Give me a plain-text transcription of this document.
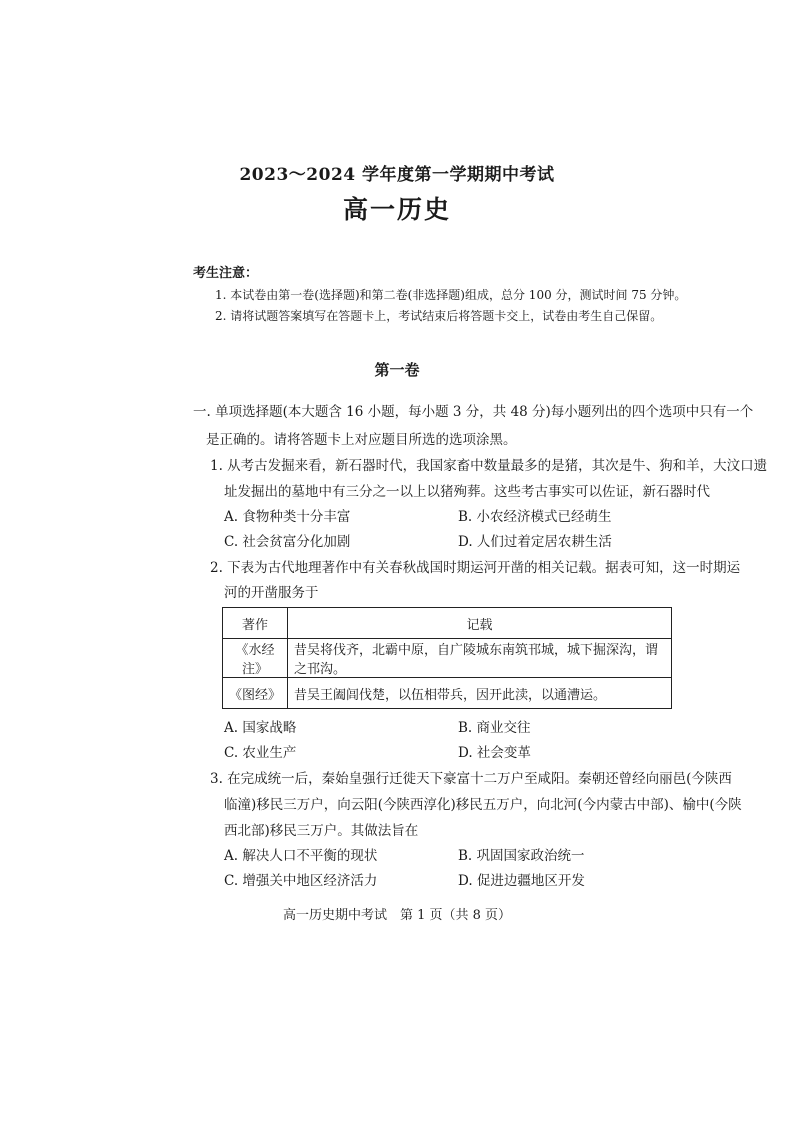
2023～2024 学年度第一学期期中考试
高一历史
考生注意：
1. 本试卷由第一卷(选择题)和第二卷(非选择题)组成，总分 100 分，测试时间 75 分钟。
2. 请将试题答案填写在答题卡上，考试结束后将答题卡交上，试卷由考生自己保留。
第一卷
一. 单项选择题(本大题含 16 小题，每小题 3 分，共 48 分)每小题列出的四个选项中只有一个
是正确的。请将答题卡上对应题目所选的选项涂黑。
1. 从考古发掘来看，新石器时代，我国家畜中数量最多的是猪，其次是牛、狗和羊，大汶口遗
址发掘出的墓地中有三分之一以上以猪殉葬。这些考古事实可以佐证，新石器时代
A. 食物种类十分丰富	B. 小农经济模式已经萌生
C. 社会贫富分化加剧	D. 人们过着定居农耕生活
2. 下表为古代地理著作中有关春秋战国时期运河开凿的相关记载。据表可知，这一时期运
河的开凿服务于
著作	记载
《水经注》	昔吴将伐齐，北霸中原，自广陵城东南筑邗城，城下掘深沟，谓之邗沟。
《图经》	昔吴王阖闾伐楚，以伍相带兵，因开此渎，以通漕运。
A. 国家战略	B. 商业交往
C. 农业生产	D. 社会变革
3. 在完成统一后，秦始皇强行迁徙天下豪富十二万户至咸阳。秦朝还曾经向丽邑(今陕西
临潼)移民三万户，向云阳(今陕西淳化)移民五万户，向北河(今内蒙古中部)、榆中(今陕
西北部)移民三万户。其做法旨在
A. 解决人口不平衡的现状	B. 巩固国家政治统一
C. 增强关中地区经济活力	D. 促进边疆地区开发
高一历史期中考试　第 1 页（共 8 页）
